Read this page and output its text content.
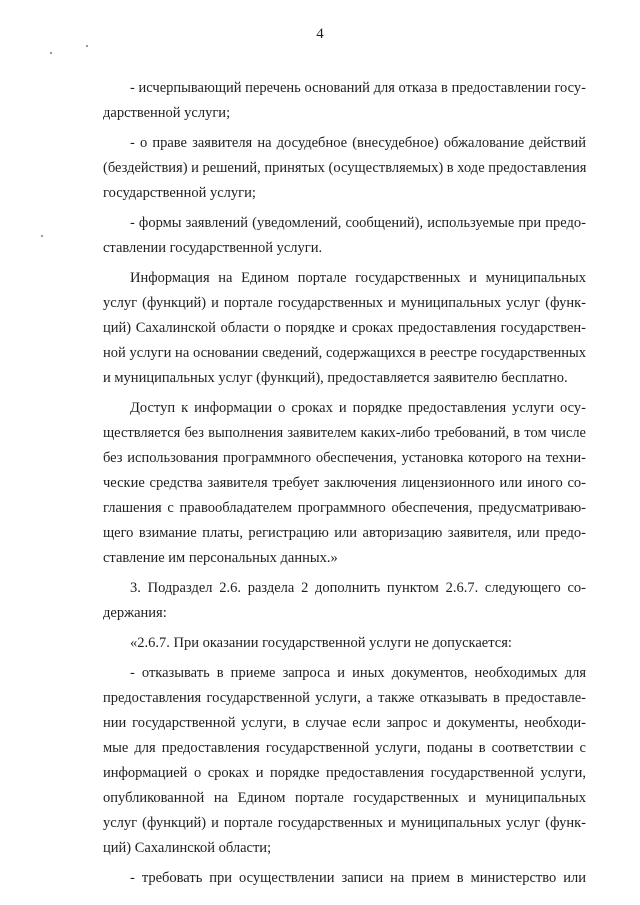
4
- исчерпывающий перечень оснований для отказа в предоставлении госу-
дарственной услуги;
- о праве заявителя на досудебное (внесудебное) обжалование действий
(бездействия) и решений, принятых (осуществляемых) в ходе предоставления
государственной услуги;
- формы заявлений (уведомлений, сообщений), используемые при предо-
ставлении государственной услуги.
Информация на Едином портале государственных и муниципальных
услуг (функций) и портале государственных и муниципальных услуг (функ-
ций) Сахалинской области о порядке и сроках предоставления государствен-
ной услуги на основании сведений, содержащихся в реестре государственных
и муниципальных услуг (функций), предоставляется заявителю бесплатно.
Доступ к информации о сроках и порядке предоставления услуги осу-
ществляется без выполнения заявителем каких-либо требований, в том числе
без использования программного обеспечения, установка которого на техни-
ческие средства заявителя требует заключения лицензионного или иного со-
глашения с правообладателем программного обеспечения, предусматриваю-
щего взимание платы, регистрацию или авторизацию заявителя, или предо-
ставление им персональных данных.»
3. Подраздел 2.6. раздела 2 дополнить пунктом 2.6.7. следующего со-
держания:
«2.6.7. При оказании государственной услуги не допускается:
- отказывать в приеме запроса и иных документов, необходимых для
предоставления государственной услуги, а также отказывать в предоставле-
нии государственной услуги, в случае если запрос и документы, необходи-
мые для предоставления государственной услуги, поданы в соответствии с
информацией о сроках и порядке предоставления государственной услуги,
опубликованной на Едином портале государственных и муниципальных
услуг (функций) и портале государственных и муниципальных услуг (функ-
ций) Сахалинской области;
- требовать при осуществлении записи на прием в министерство или
